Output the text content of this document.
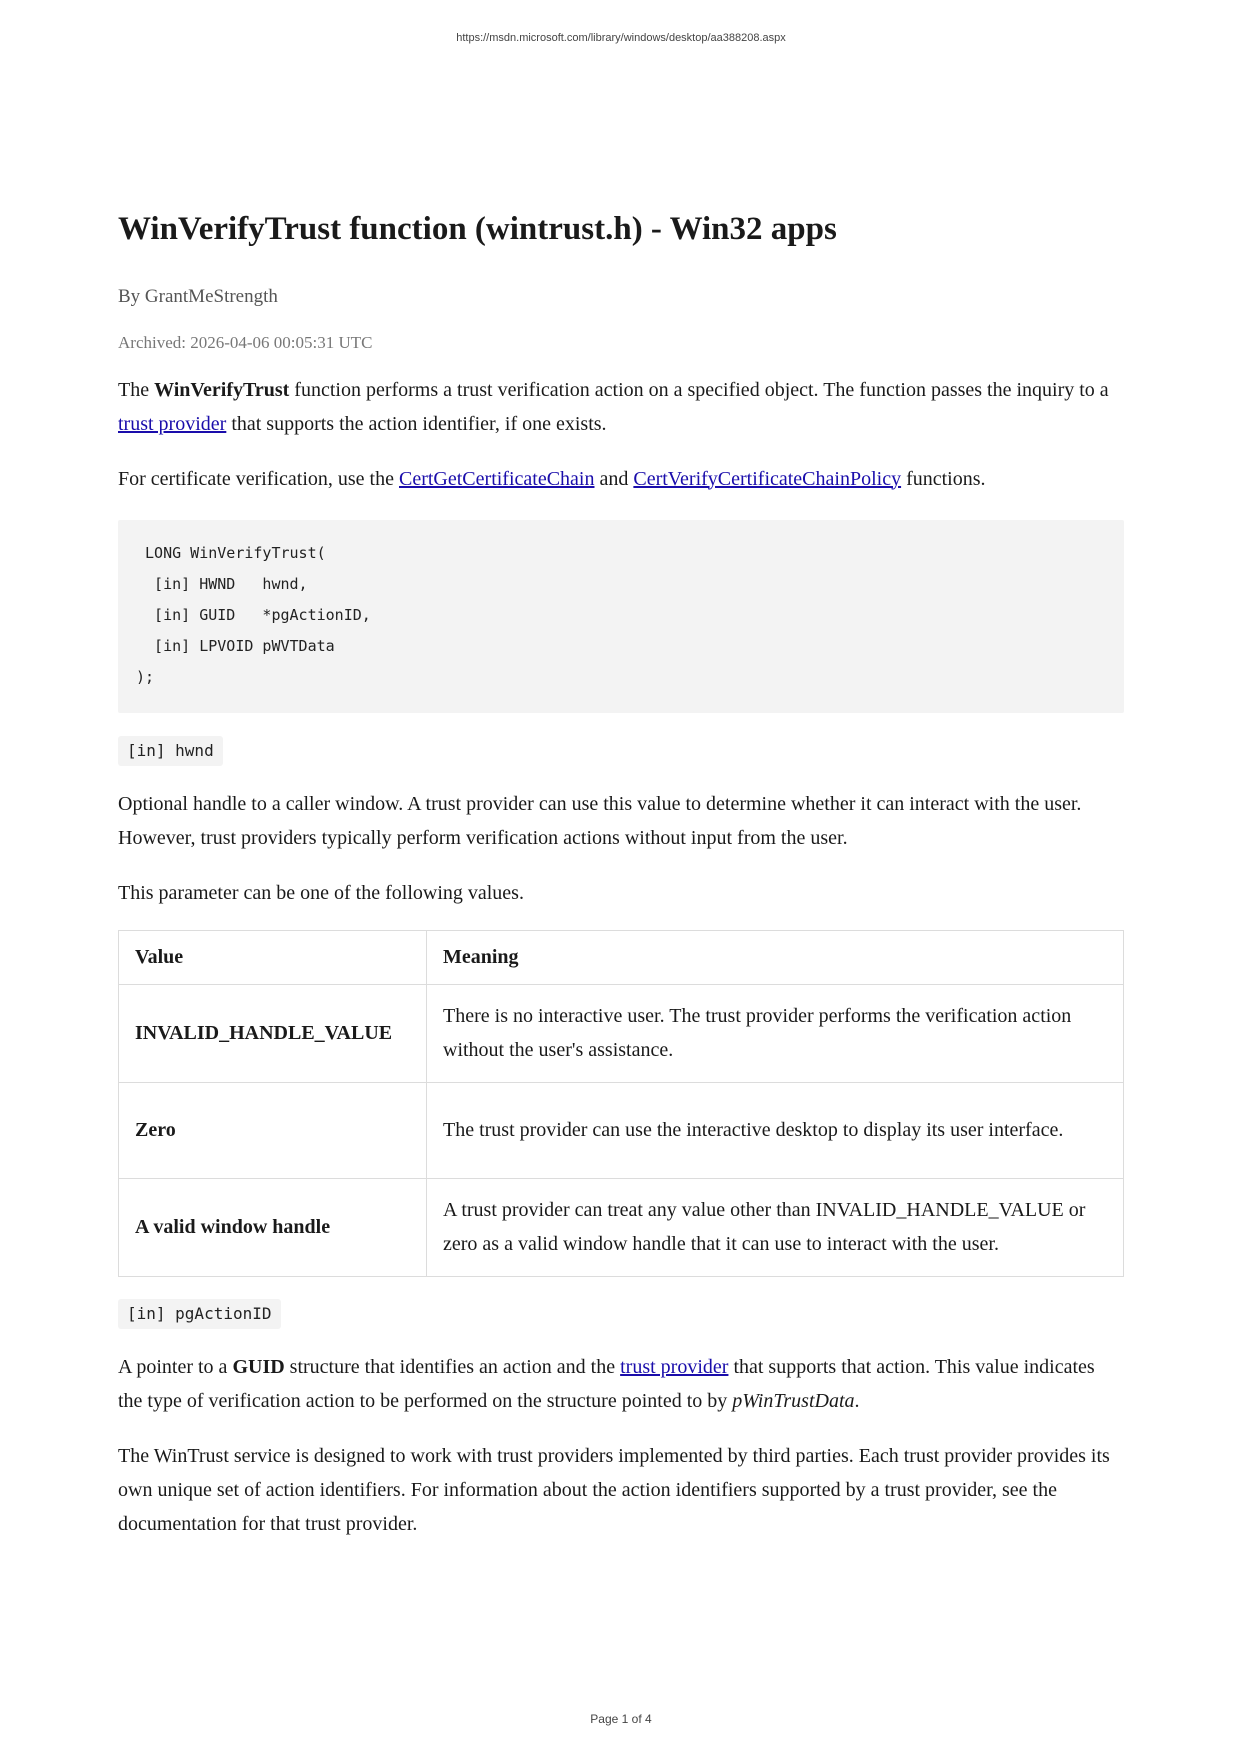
https://msdn.microsoft.com/library/windows/desktop/aa388208.aspx
WinVerifyTrust function (wintrust.h) - Win32 apps
By GrantMeStrength
Archived: 2026-04-06 00:05:31 UTC

The WinVerifyTrust function performs a trust verification action on a specified object. The function passes the inquiry to a trust provider that supports the action identifier, if one exists.

For certificate verification, use the CertGetCertificateChain and CertVerifyCertificateChainPolicy functions.

LONG WinVerifyTrust(
[in] HWND   hwnd,
[in] GUID   *pgActionID,
[in] LPVOID pWVTData
);
[in] hwnd

Optional handle to a caller window. A trust provider can use this value to determine whether it can interact with the user. However, trust providers typically perform verification actions without input from the user.

This parameter can be one of the following values.

Value	Meaning
INVALID_HANDLE_VALUE	There is no interactive user. The trust provider performs the verification action without the user's assistance.
Zero	The trust provider can use the interactive desktop to display its user interface.
A valid window handle	A trust provider can treat any value other than INVALID_HANDLE_VALUE or zero as a valid window handle that it can use to interact with the user.
[in] pgActionID

A pointer to a GUID structure that identifies an action and the trust provider that supports that action. This value indicates the type of verification action to be performed on the structure pointed to by pWinTrustData.

The WinTrust service is designed to work with trust providers implemented by third parties. Each trust provider provides its own unique set of action identifiers. For information about the action identifiers supported by a trust provider, see the documentation for that trust provider.

Page 1 of 4
